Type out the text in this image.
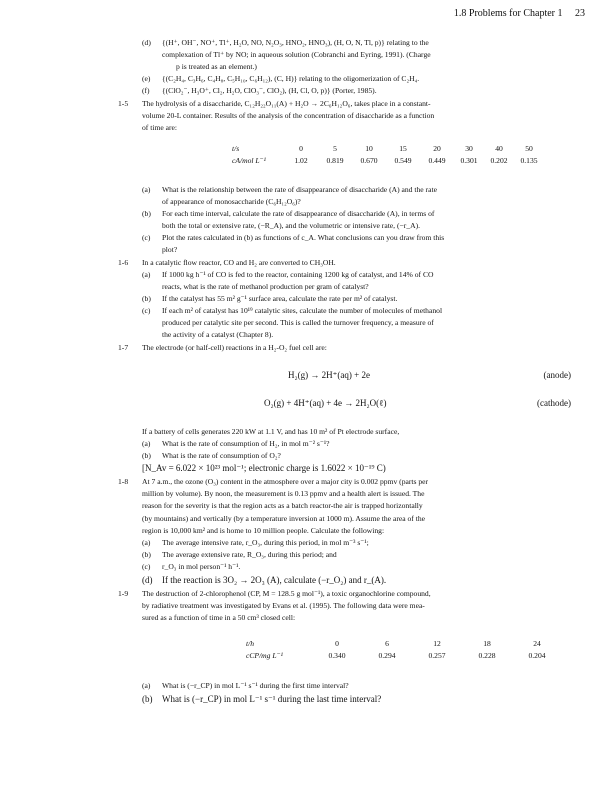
1.8 Problems for Chapter 1 23
(d) {(H⁺, OH⁻, NO⁺, Tl⁺, H₂O, NO, N₂O₃, HNO₂, HNO₃), (H, O, N, Tl, p)} relating to the
complexation of Tl⁺ by NO; in aqueous solution (Cobranchi and Eyring, 1991). (Charge
p is treated as an element.)
(e) {(C₂H₄, C₃H₆, C₄H₈, C₅H₁₀, C₆H₁₂), (C, H)} relating to the oligomerization of C₂H₄.
(f) {(ClO₂⁻, H₃O⁺, Cl₂, H₂O, ClO₃⁻, ClO₂), (H, Cl, O, p)} (Porter, 1985).
1-5 The hydrolysis of a disaccharide, C₁₂H₂₂O₁₁(A) + H₂O → 2C₆H₁₂O₆, takes place in a constant-
volume 20-L container. Results of the analysis of the concentration of disaccharide as a function
of time are:
t/s	0	5	10	15	20	30	40	50
cA/mol L⁻¹	1.02	0.819	0.670	0.549	0.449	0.301	0.202	0.135
(a) What is the relationship between the rate of disappearance of disaccharide (A) and the rate
of appearance of monosaccharide (C₆H₁₂O₆)?
(b) For each time interval, calculate the rate of disappearance of disaccharide (A), in terms of
both the total or extensive rate, (−R_A), and the volumetric or intensive rate, (−r_A).
(c) Plot the rates calculated in (b) as functions of c_A. What conclusions can you draw from this
plot?
1-6 In a catalytic flow reactor, CO and H₂ are converted to CH₃OH.
(a) If 1000 kg h⁻¹ of CO is fed to the reactor, containing 1200 kg of catalyst, and 14% of CO
reacts, what is the rate of methanol production per gram of catalyst?
(b) If the catalyst has 55 m² g⁻¹ surface area, calculate the rate per m² of catalyst.
(c) If each m² of catalyst has 10¹⁹ catalytic sites, calculate the number of molecules of methanol
produced per catalytic site per second. This is called the turnover frequency, a measure of
the activity of a catalyst (Chapter 8).
1-7 The electrode (or half-cell) reactions in a H₂-O₂ fuel cell are:
H₂(g) → 2H⁺(aq) + 2e	(anode)
O₂(g) + 4H⁺(aq) + 4e → 2H₂O(ℓ)	(cathode)
If a battery of cells generates 220 kW at 1.1 V, and has 10 m² of Pt electrode surface,
(a) What is the rate of consumption of H₂, in mol m⁻² s⁻¹?
(b) What is the rate of consumption of O₂?
[N_Av = 6.022 × 10²³ mol⁻¹; electronic charge is 1.6022 × 10⁻¹⁹ C)
1-8 At 7 a.m., the ozone (O₃) content in the atmosphere over a major city is 0.002 ppmv (parts per
million by volume). By noon, the measurement is 0.13 ppmv and a health alert is issued. The
reason for the severity is that the region acts as a batch reactor-the air is trapped horizontally
(by mountains) and vertically (by a temperature inversion at 1000 m). Assume the area of the
region is 10,000 km² and is home to 10 million people. Calculate the following:
(a) The average intensive rate, r_O₃, during this period, in mol m⁻³ s⁻¹;
(b) The average extensive rate, R_O₃, during this period; and
(c) r_O₃ in mol person⁻¹ h⁻¹.
(d) If the reaction is 3O₂ → 2O₃ (A), calculate (−r_O₂) and r_(A).
1-9 The destruction of 2-chlorophenol (CP, M = 128.5 g mol⁻¹), a toxic organochlorine compound,
by radiative treatment was investigated by Evans et al. (1995). The following data were mea-
sured as a function of time in a 50 cm³ closed cell:
t/h	0	6	12	18	24
cCP/mg L⁻¹	0.340	0.294	0.257	0.228	0.204
(a) What is (−r_CP) in mol L⁻¹ s⁻¹ during the first time interval?
(b) What is (−r_CP) in mol L⁻¹ s⁻¹ during the last time interval?
